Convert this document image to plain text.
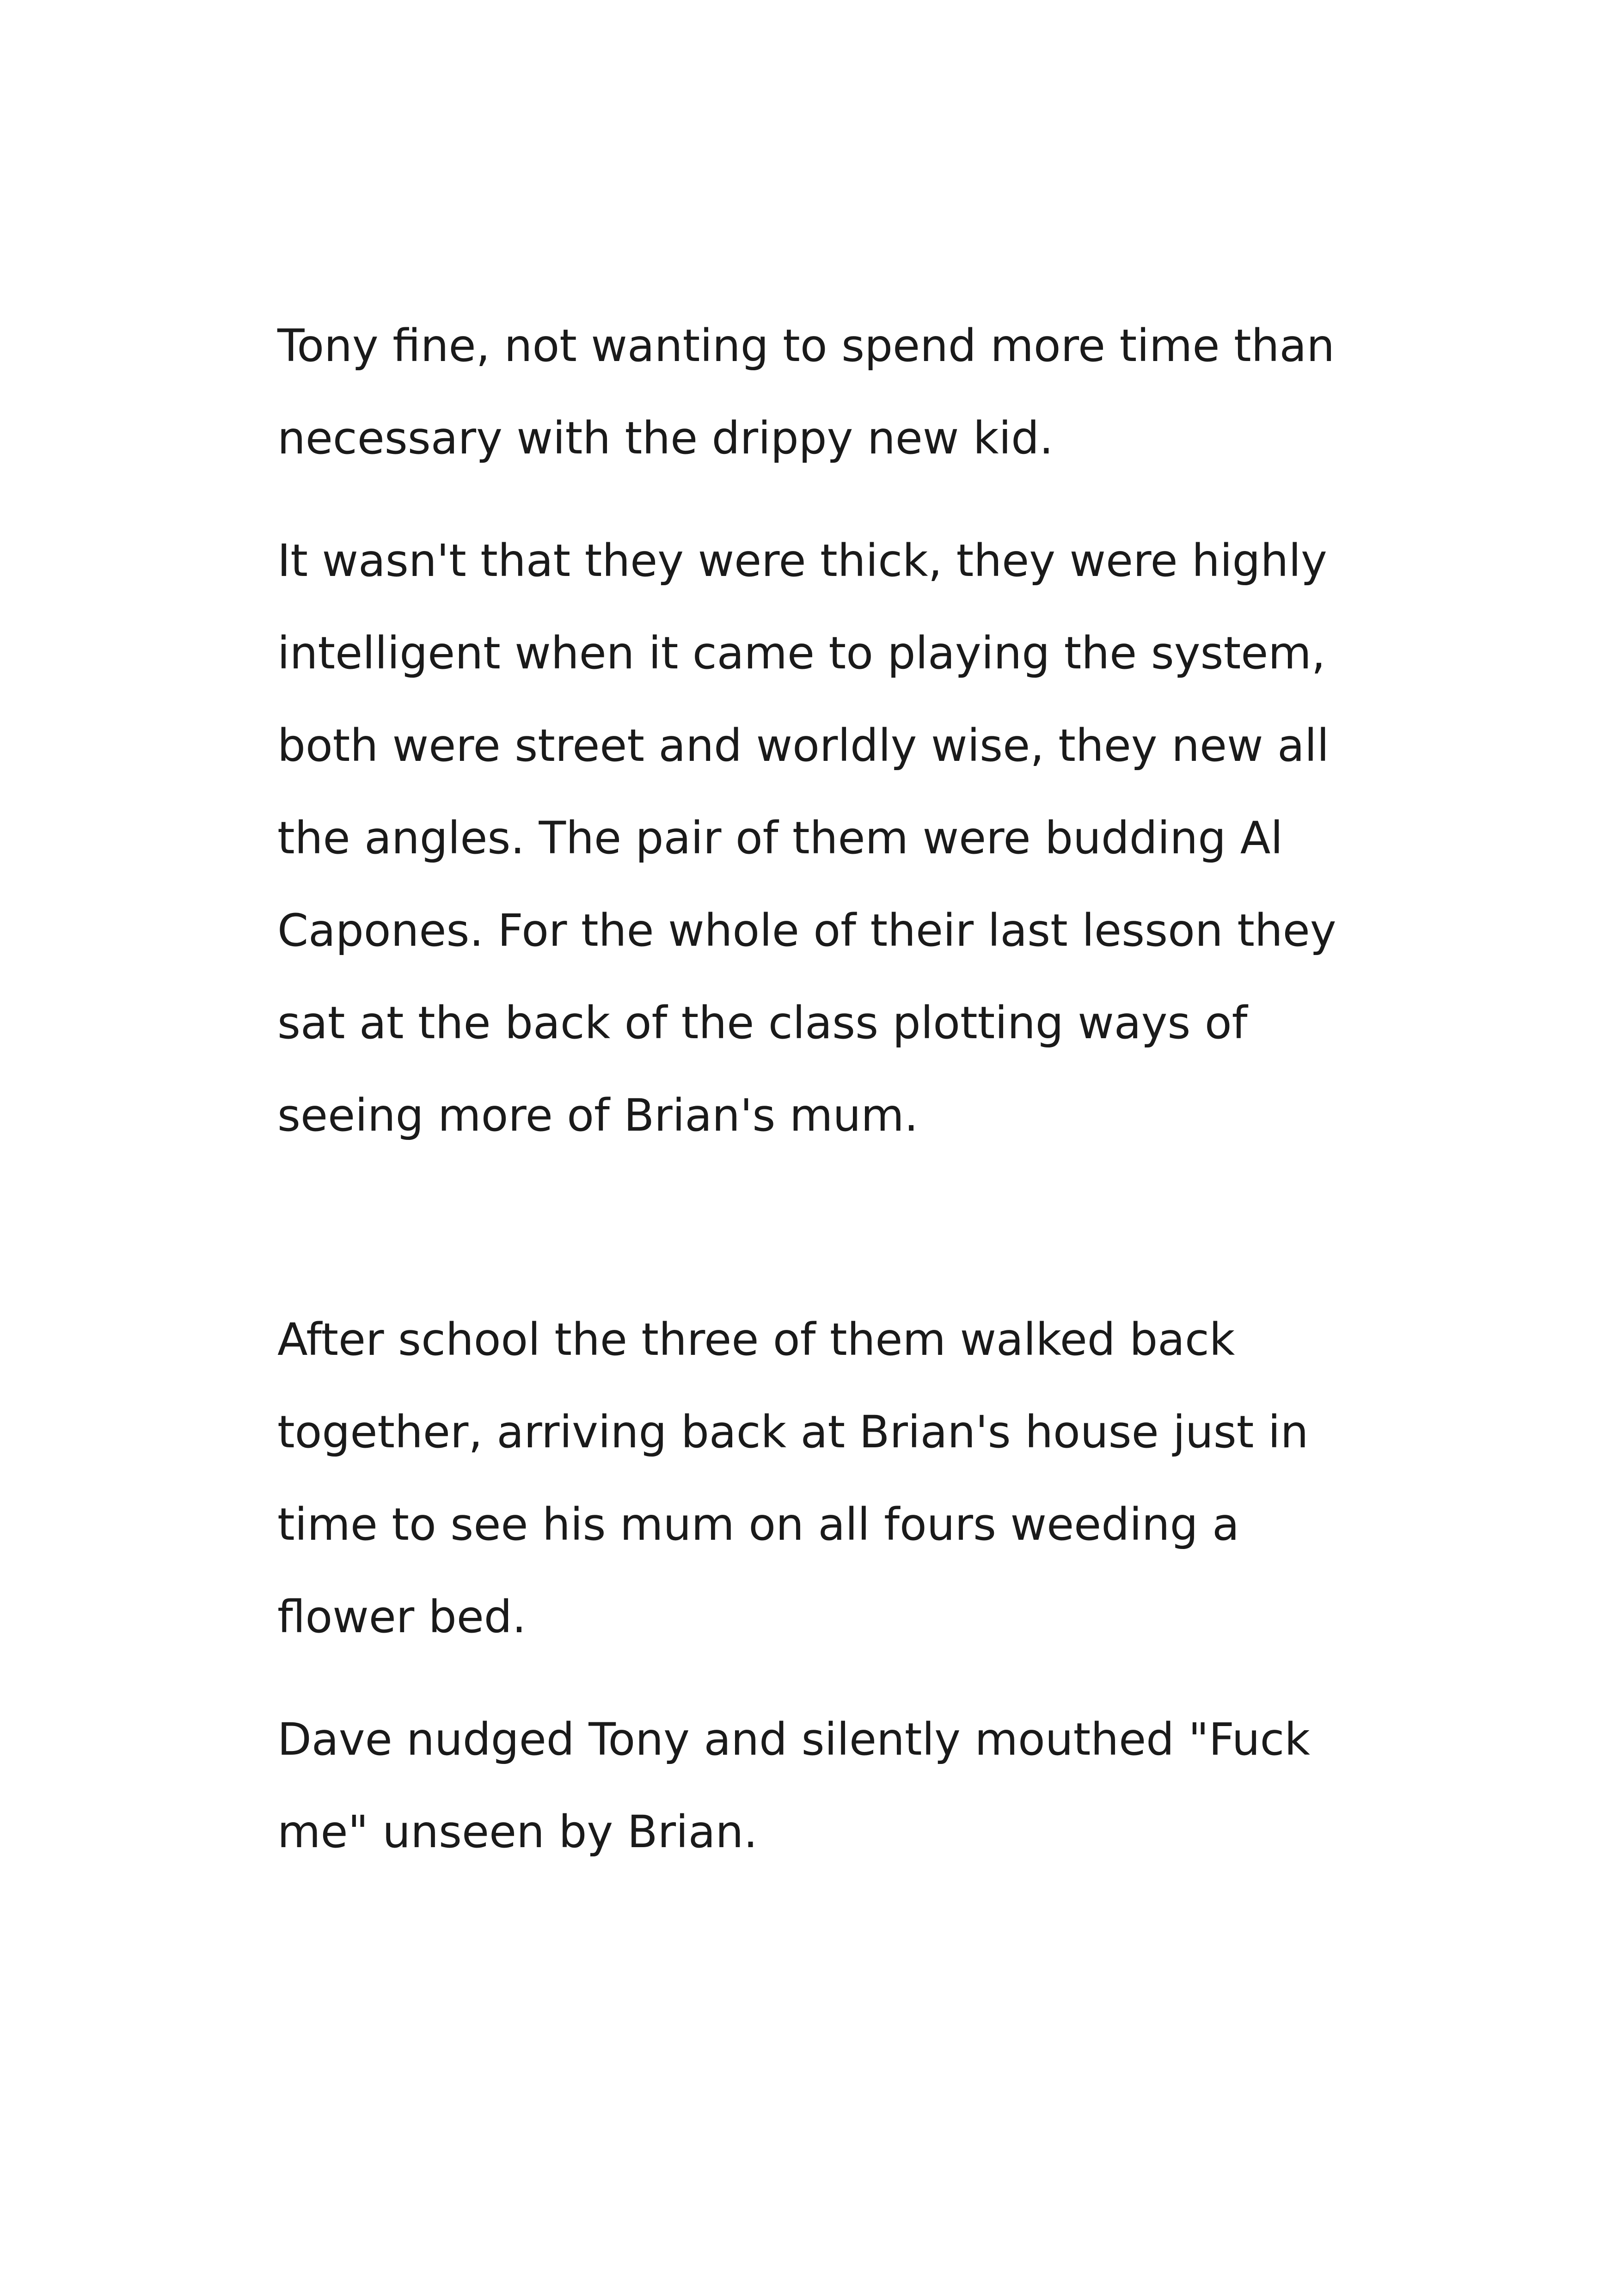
Tony fine, not wanting to spend more time than

necessary with the drippy new kid.

It wasn't that they were thick, they were highly

intelligent when it came to playing the system,

both were street and worldly wise, they new all

the angles. The pair of them were budding Al

Capones. For the whole of their last lesson they

sat at the back of the class plotting ways of

seeing more of Brian's mum.

After school the three of them walked back

together, arriving back at Brian's house just in

time to see his mum on all fours weeding a

flower bed.

Dave nudged Tony and silently mouthed "Fuck

me" unseen by Brian.
